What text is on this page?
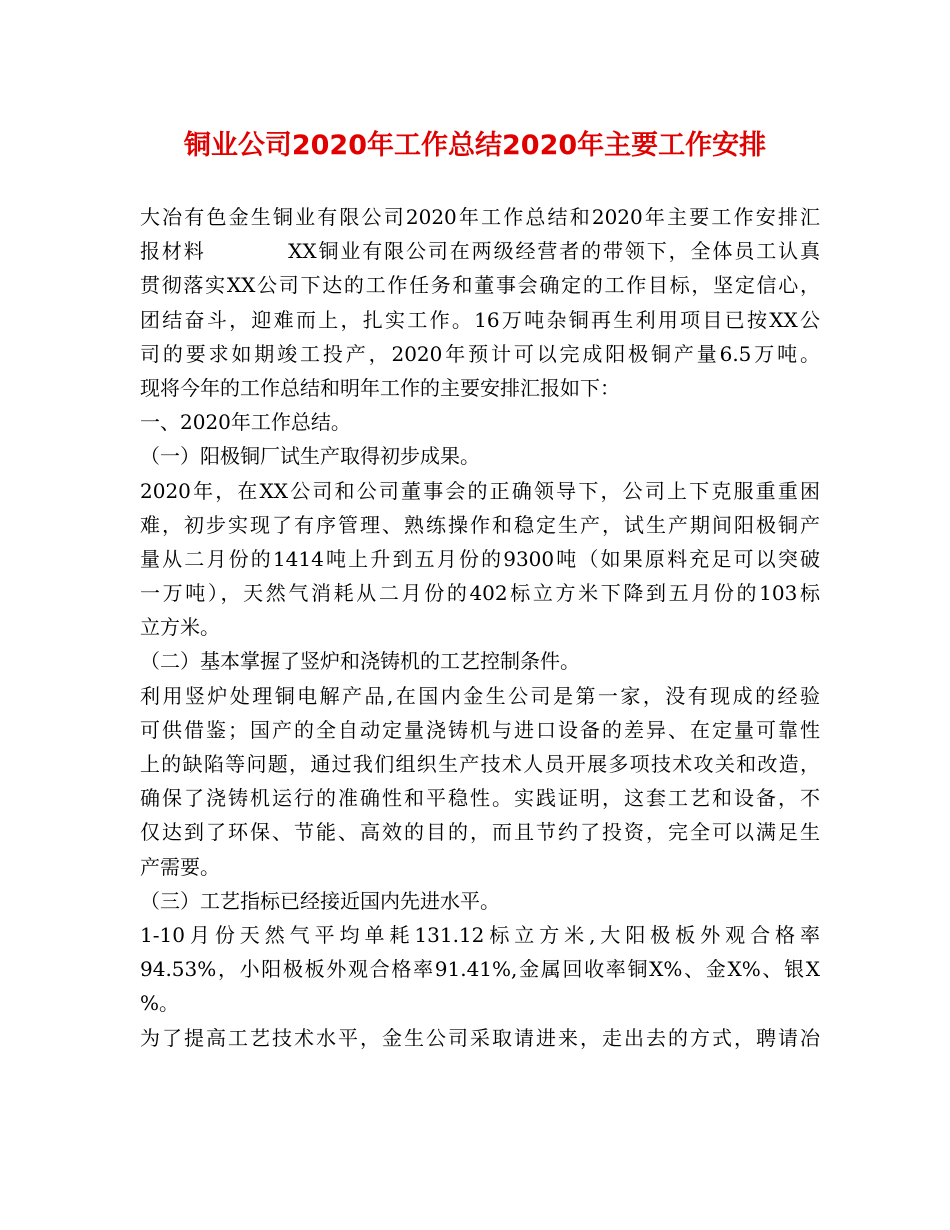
铜业公司2020年工作总结2020年主要工作安排
大冶有色金生铜业有限公司2020年工作总结和2020年主要工作安排汇
报材料          XX铜业有限公司在两级经营者的带领下，全体员工认真
贯彻落实XX公司下达的工作任务和董事会确定的工作目标，坚定信心，
团结奋斗，迎难而上，扎实工作。16万吨杂铜再生利用项目已按XX公
司的要求如期竣工投产，2020年预计可以完成阳极铜产量6.5万吨。
现将今年的工作总结和明年工作的主要安排汇报如下：
一、2020年工作总结。
（一）阳极铜厂试生产取得初步成果。
2020年，在XX公司和公司董事会的正确领导下，公司上下克服重重困
难，初步实现了有序管理、熟练操作和稳定生产，试生产期间阳极铜产
量从二月份的1414吨上升到五月份的9300吨（如果原料充足可以突破
一万吨），天然气消耗从二月份的402标立方米下降到五月份的103标
立方米。
（二）基本掌握了竖炉和浇铸机的工艺控制条件。
利用竖炉处理铜电解产品,在国内金生公司是第一家，没有现成的经验
可供借鉴；国产的全自动定量浇铸机与进口设备的差异、在定量可靠性
上的缺陷等问题，通过我们组织生产技术人员开展多项技术攻关和改造，
确保了浇铸机运行的准确性和平稳性。实践证明，这套工艺和设备，不
仅达到了环保、节能、高效的目的，而且节约了投资，完全可以满足生
产需要。
（三）工艺指标已经接近国内先进水平。
1-10月份天然气平均单耗131.12标立方米,大阳极板外观合格率
94.53%，小阳极板外观合格率91.41%,金属回收率铜X%、金X%、银X
%。
为了提高工艺技术水平，金生公司采取请进来，走出去的方式，聘请冶
